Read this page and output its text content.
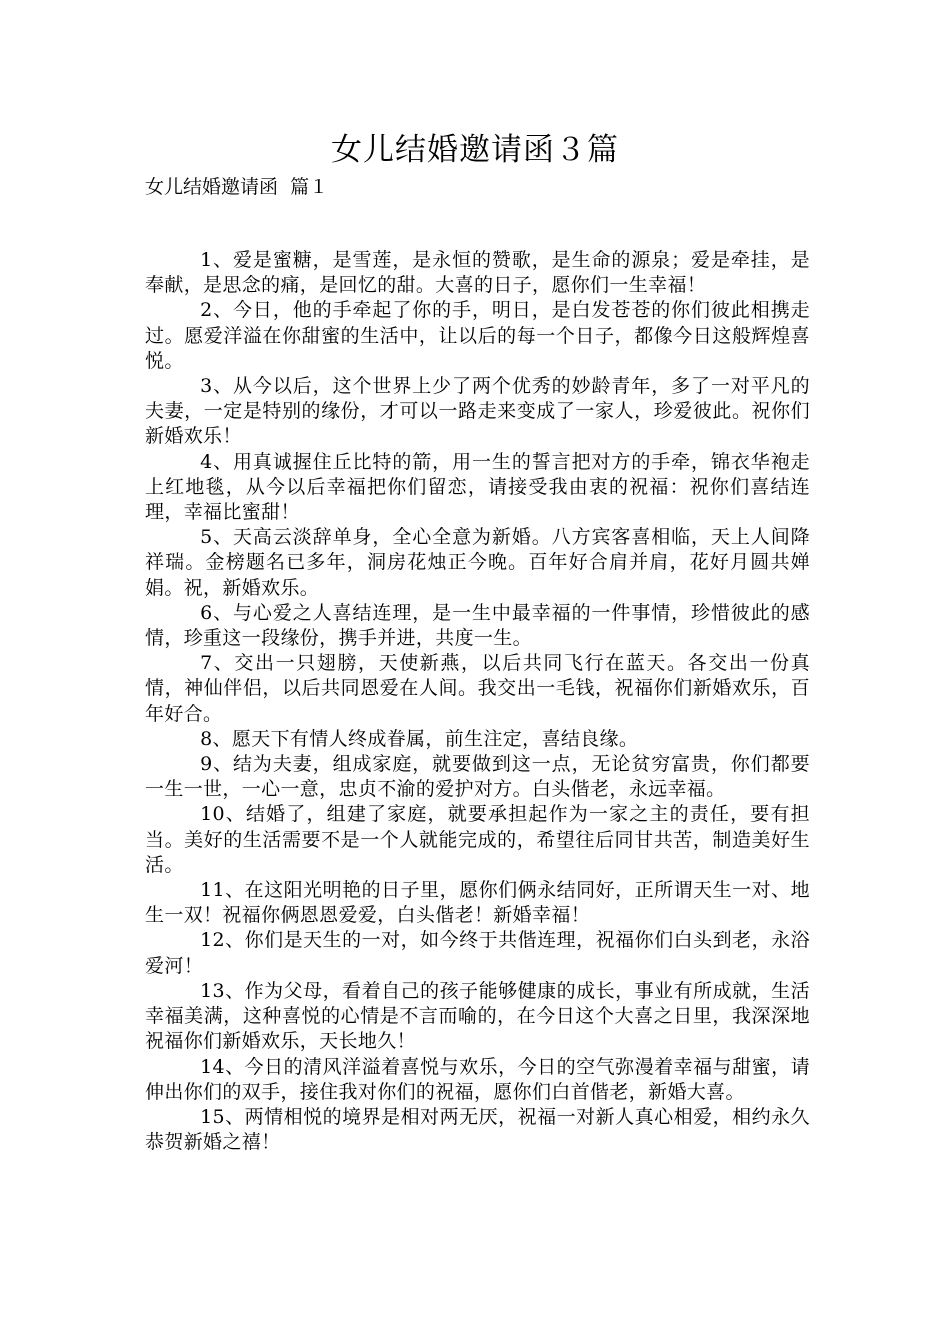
女儿结婚邀请函３篇
女儿结婚邀请函  篇１

1、爱是蜜糖，是雪莲，是永恒的赞歌，是生命的源泉；爱是牵挂，是奉献，是思念的痛，是回忆的甜。大喜的日子，愿你们一生幸福！

2、今日，他的手牵起了你的手，明日，是白发苍苍的你们彼此相携走过。愿爱洋溢在你甜蜜的生活中，让以后的每一个日子，都像今日这般辉煌喜悦。

3、从今以后，这个世界上少了两个优秀的妙龄青年，多了一对平凡的夫妻，一定是特别的缘份，才可以一路走来变成了一家人，珍爱彼此。祝你们新婚欢乐！

4、用真诚握住丘比特的箭，用一生的誓言把对方的手牵，锦衣华袍走上红地毯，从今以后幸福把你们留恋，请接受我由衷的祝福：祝你们喜结连理，幸福比蜜甜！

5、天高云淡辞单身，全心全意为新婚。八方宾客喜相临，天上人间降祥瑞。金榜题名已多年，洞房花烛正今晚。百年好合肩并肩，花好月圆共婵娟。祝，新婚欢乐。

6、与心爱之人喜结连理，是一生中最幸福的一件事情，珍惜彼此的感情，珍重这一段缘份，携手并进，共度一生。

7、交出一只翅膀，天使新燕，以后共同飞行在蓝天。各交出一份真情，神仙伴侣，以后共同恩爱在人间。我交出一毛钱，祝福你们新婚欢乐，百年好合。

8、愿天下有情人终成眷属，前生注定，喜结良缘。

9、结为夫妻，组成家庭，就要做到这一点，无论贫穷富贵，你们都要一生一世，一心一意，忠贞不渝的爱护对方。白头偕老，永远幸福。

10、结婚了，组建了家庭，就要承担起作为一家之主的责任，要有担当。美好的生活需要不是一个人就能完成的，希望往后同甘共苦，制造美好生活。

11、在这阳光明艳的日子里，愿你们俩永结同好，正所谓天生一对、地生一双！祝福你俩恩恩爱爱，白头偕老！新婚幸福！

12、你们是天生的一对，如今终于共偕连理，祝福你们白头到老，永浴爱河！

13、作为父母，看着自己的孩子能够健康的成长，事业有所成就，生活幸福美满，这种喜悦的心情是不言而喻的，在今日这个大喜之日里，我深深地祝福你们新婚欢乐，天长地久！

14、今日的清风洋溢着喜悦与欢乐，今日的空气弥漫着幸福与甜蜜，请伸出你们的双手，接住我对你们的祝福，愿你们白首偕老，新婚大喜。

15、两情相悦的境界是相对两无厌，祝福一对新人真心相爱，相约永久恭贺新婚之禧！
